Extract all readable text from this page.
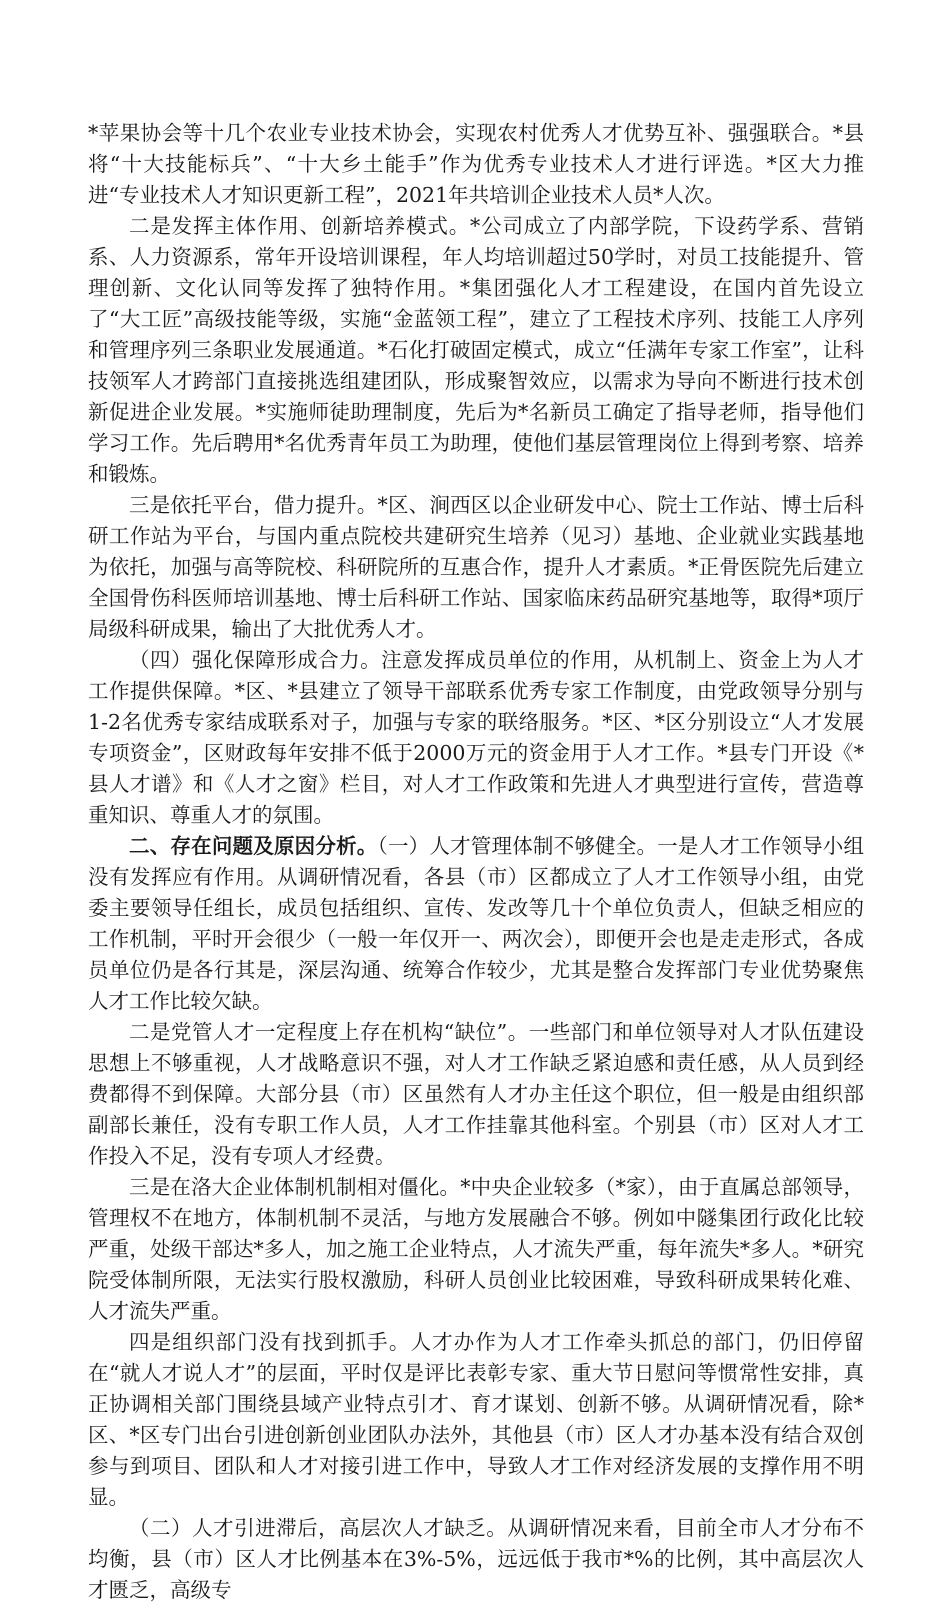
*苹果协会等十几个农业专业技术协会，实现农村优秀人才优势互补、强强联合。*县将“十大技能标兵”、“十大乡土能手”作为优秀专业技术人才进行评选。*区大力推进“专业技术人才知识更新工程”，2021年共培训企业技术人员*人次。

二是发挥主体作用、创新培养模式。*公司成立了内部学院，下设药学系、营销系、人力资源系，常年开设培训课程，年人均培训超过50学时，对员工技能提升、管理创新、文化认同等发挥了独特作用。*集团强化人才工程建设，在国内首先设立了“大工匠”高级技能等级，实施“金蓝领工程”，建立了工程技术序列、技能工人序列和管理序列三条职业发展通道。*石化打破固定模式，成立“任满年专家工作室”，让科技领军人才跨部门直接挑选组建团队，形成聚智效应，以需求为导向不断进行技术创新促进企业发展。*实施师徒助理制度，先后为*名新员工确定了指导老师，指导他们学习工作。先后聘用*名优秀青年员工为助理，使他们基层管理岗位上得到考察、培养和锻炼。

三是依托平台，借力提升。*区、涧西区以企业研发中心、院士工作站、博士后科研工作站为平台，与国内重点院校共建研究生培养（见习）基地、企业就业实践基地为依托，加强与高等院校、科研院所的互惠合作，提升人才素质。*正骨医院先后建立全国骨伤科医师培训基地、博士后科研工作站、国家临床药品研究基地等，取得*项厅局级科研成果，输出了大批优秀人才。

（四）强化保障形成合力。注意发挥成员单位的作用，从机制上、资金上为人才工作提供保障。*区、*县建立了领导干部联系优秀专家工作制度，由党政领导分别与1-2名优秀专家结成联系对子，加强与专家的联络服务。*区、*区分别设立“人才发展专项资金”，区财政每年安排不低于2000万元的资金用于人才工作。*县专门开设《*县人才谱》和《人才之窗》栏目，对人才工作政策和先进人才典型进行宣传，营造尊重知识、尊重人才的氛围。

二、存在问题及原因分析。（一）人才管理体制不够健全。一是人才工作领导小组没有发挥应有作用。从调研情况看，各县（市）区都成立了人才工作领导小组，由党委主要领导任组长，成员包括组织、宣传、发改等几十个单位负责人，但缺乏相应的工作机制，平时开会很少（一般一年仅开一、两次会），即便开会也是走走形式，各成员单位仍是各行其是，深层沟通、统筹合作较少，尤其是整合发挥部门专业优势聚焦人才工作比较欠缺。

二是党管人才一定程度上存在机构“缺位”。一些部门和单位领导对人才队伍建设思想上不够重视，人才战略意识不强，对人才工作缺乏紧迫感和责任感，从人员到经费都得不到保障。大部分县（市）区虽然有人才办主任这个职位，但一般是由组织部副部长兼任，没有专职工作人员，人才工作挂靠其他科室。个别县（市）区对人才工作投入不足，没有专项人才经费。

三是在洛大企业体制机制相对僵化。*中央企业较多（*家），由于直属总部领导，管理权不在地方，体制机制不灵活，与地方发展融合不够。例如中隧集团行政化比较严重，处级干部达*多人，加之施工企业特点，人才流失严重，每年流失*多人。*研究院受体制所限，无法实行股权激励，科研人员创业比较困难，导致科研成果转化难、人才流失严重。

四是组织部门没有找到抓手。人才办作为人才工作牵头抓总的部门，仍旧停留在“就人才说人才”的层面，平时仅是评比表彰专家、重大节日慰问等惯常性安排，真正协调相关部门围绕县域产业特点引才、育才谋划、创新不够。从调研情况看，除*区、*区专门出台引进创新创业团队办法外，其他县（市）区人才办基本没有结合双创参与到项目、团队和人才对接引进工作中，导致人才工作对经济发展的支撑作用不明显。

（二）人才引进滞后，高层次人才缺乏。从调研情况来看，目前全市人才分布不均衡，县（市）区人才比例基本在3%-5%，远远低于我市*%的比例，其中高层次人才匮乏，高级专
